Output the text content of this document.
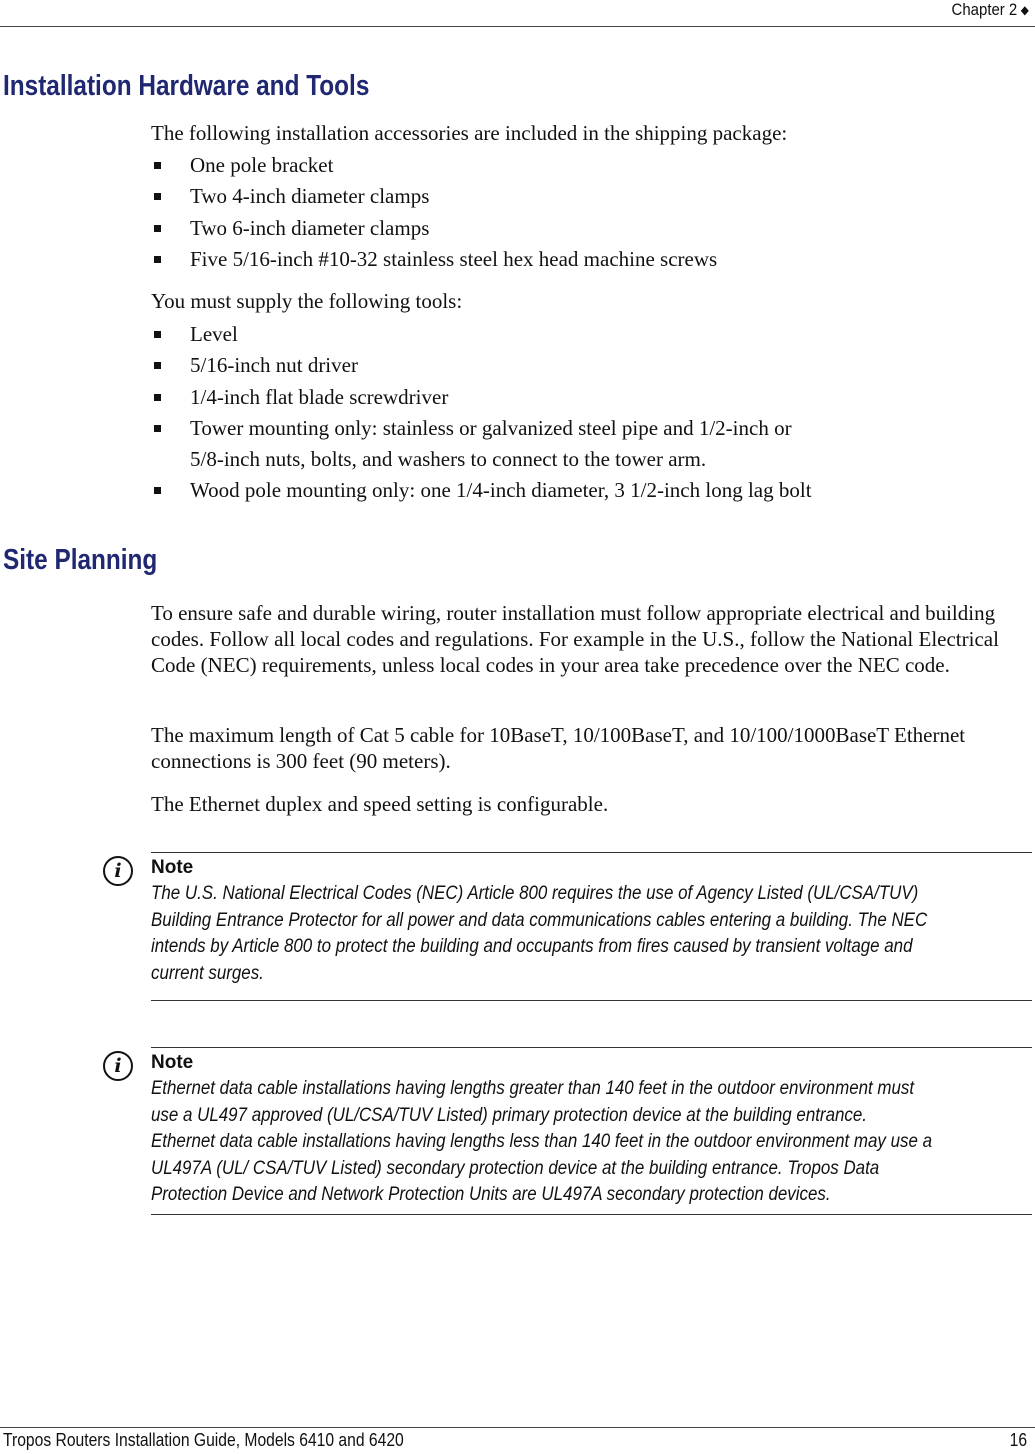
Chapter 2 ◆
Installation Hardware and Tools

The following installation accessories are included in the shipping package:

One pole bracket
Two 4-inch diameter clamps
Two 6-inch diameter clamps
Five 5/16-inch #10-32 stainless steel hex head machine screws

You must supply the following tools:

Level
5/16-inch nut driver
1/4-inch flat blade screwdriver
Tower mounting only: stainless or galvanized steel pipe and 1/2-inch or
5/8-inch nuts, bolts, and washers to connect to the tower arm.
Wood pole mounting only: one 1/4-inch diameter, 3 1/2-inch long lag bolt
Site Planning

To ensure safe and durable wiring, router installation must follow appropriate electrical and building codes. Follow all local codes and regulations. For example in the U.S., follow the National Electrical Code (NEC) requirements, unless local codes in your area take precedence over the NEC code.

The maximum length of Cat 5 cable for 10BaseT, 10/100BaseT, and 10/100/1000BaseT Ethernet connections is 300 feet (90 meters).

The Ethernet duplex and speed setting is configurable.

i	Note
The U.S. National Electrical Codes (NEC) Article 800 requires the use of Agency Listed (UL/CSA/TUV) Building Entrance Protector for all power and data communications cables entering a building. The NEC intends by Article 800 to protect the building and occupants from fires caused by transient voltage and current surges.
i	Note
Ethernet data cable installations having lengths greater than 140 feet in the outdoor environment must use a UL497 approved (UL/CSA/TUV Listed) primary protection device at the building entrance. Ethernet data cable installations having lengths less than 140 feet in the outdoor environment may use a UL497A (UL/ CSA/TUV Listed) secondary protection device at the building entrance. Tropos Data Protection Device and Network Protection Units are UL497A secondary protection devices.
Tropos Routers Installation Guide, Models 6410 and 6420	16
